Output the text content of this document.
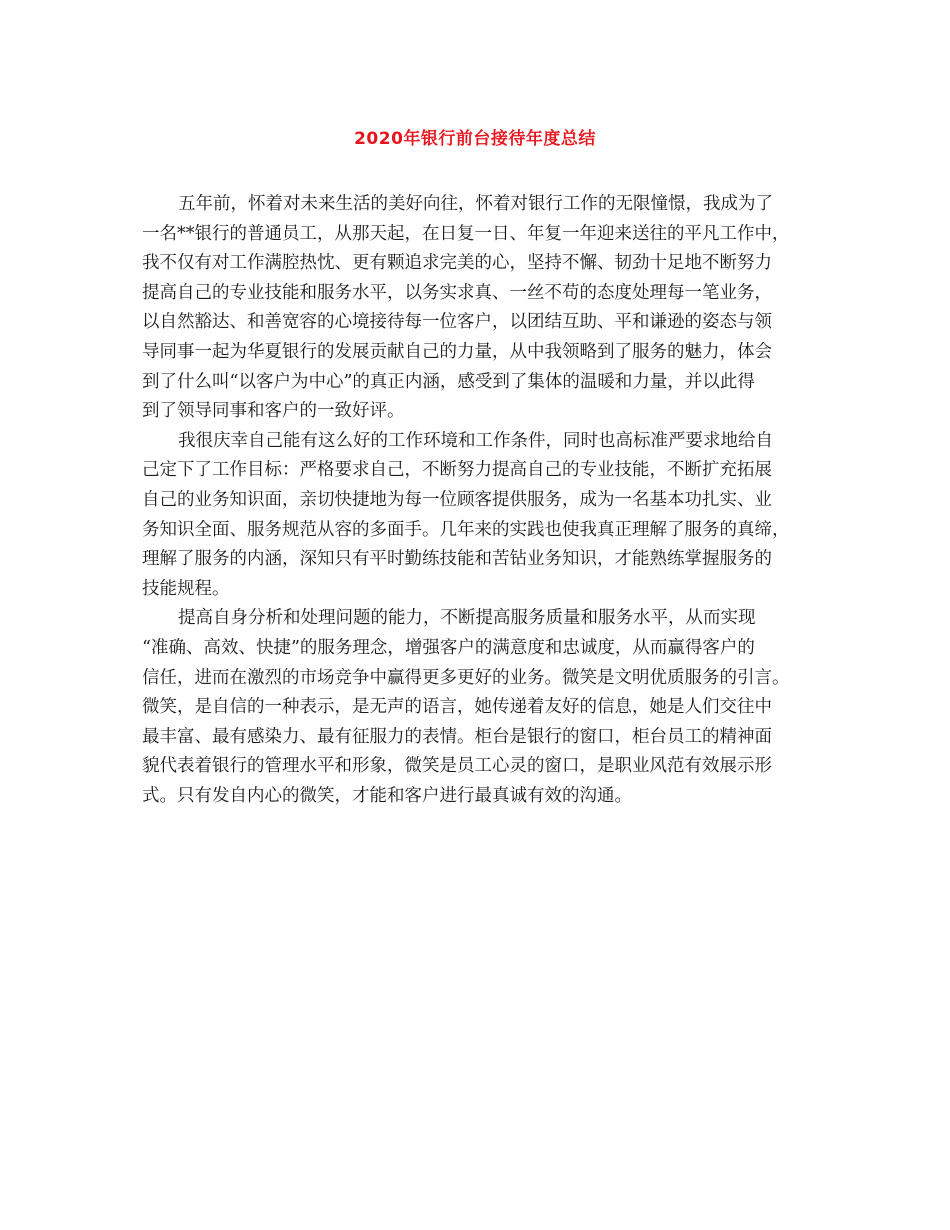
2020年银行前台接待年度总结
五年前，怀着对未来生活的美好向往，怀着对银行工作的无限憧憬，我成为了
一名**银行的普通员工，从那天起，在日复一日、年复一年迎来送往的平凡工作中，
我不仅有对工作满腔热忱、更有颗追求完美的心，坚持不懈、韧劲十足地不断努力
提高自己的专业技能和服务水平，以务实求真、一丝不苟的态度处理每一笔业务，
以自然豁达、和善宽容的心境接待每一位客户，以团结互助、平和谦逊的姿态与领
导同事一起为华夏银行的发展贡献自己的力量，从中我领略到了服务的魅力，体会
到了什么叫“以客户为中心”的真正内涵，感受到了集体的温暖和力量，并以此得
到了领导同事和客户的一致好评。
我很庆幸自己能有这么好的工作环境和工作条件，同时也高标准严要求地给自
己定下了工作目标：严格要求自己，不断努力提高自己的专业技能，不断扩充拓展
自己的业务知识面，亲切快捷地为每一位顾客提供服务，成为一名基本功扎实、业
务知识全面、服务规范从容的多面手。几年来的实践也使我真正理解了服务的真缔，
理解了服务的内涵，深知只有平时勤练技能和苦钻业务知识，才能熟练掌握服务的
技能规程。
提高自身分析和处理问题的能力，不断提高服务质量和服务水平，从而实现
“准确、高效、快捷”的服务理念，增强客户的满意度和忠诚度，从而赢得客户的
信任，进而在激烈的市场竞争中赢得更多更好的业务。微笑是文明优质服务的引言。
微笑，是自信的一种表示，是无声的语言，她传递着友好的信息，她是人们交往中
最丰富、最有感染力、最有征服力的表情。柜台是银行的窗口，柜台员工的精神面
貌代表着银行的管理水平和形象，微笑是员工心灵的窗口，是职业风范有效展示形
式。只有发自内心的微笑，才能和客户进行最真诚有效的沟通。
